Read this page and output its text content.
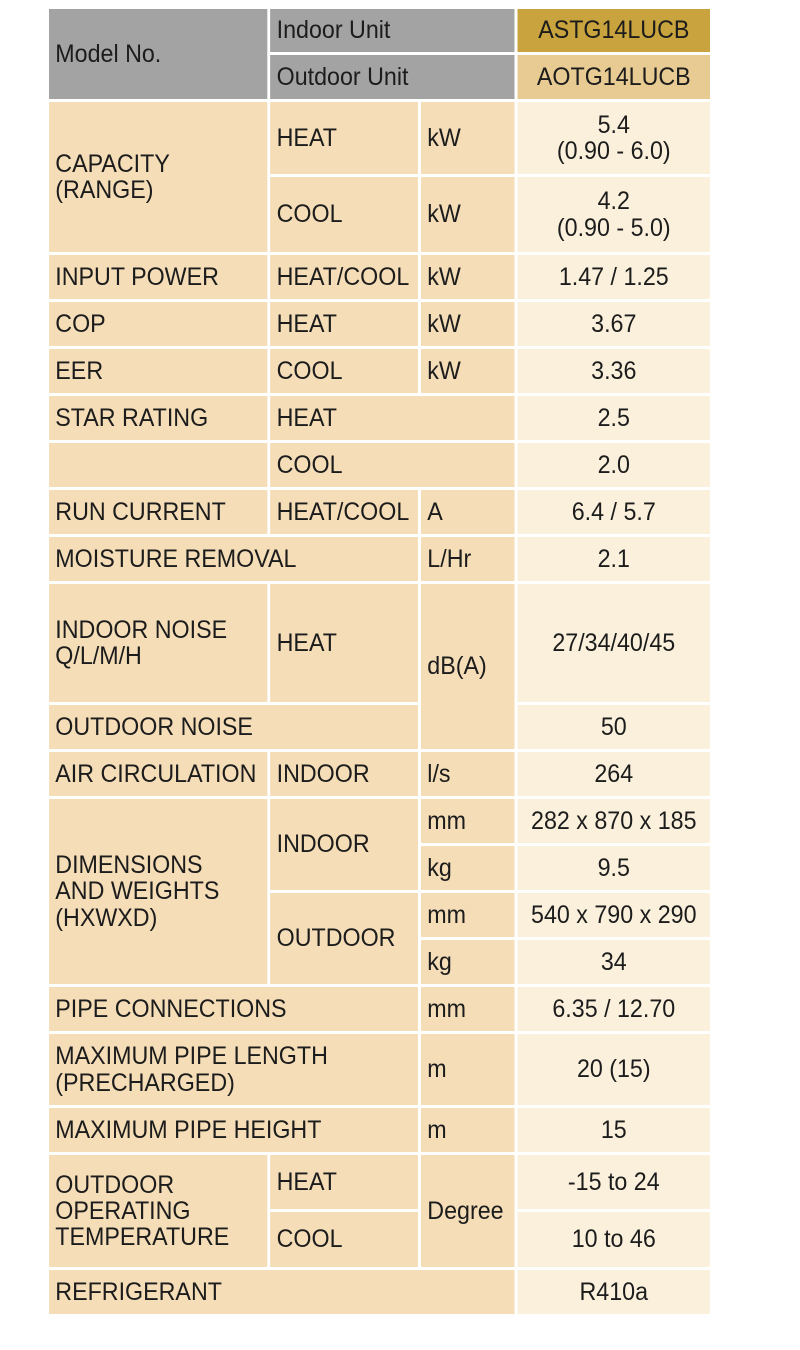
Model No.	Indoor Unit		ASTG14LUCB
	Outdoor Unit		AOTG14LUCB
CAPACITY (RANGE)	HEAT	kW	5.4
(0.90 - 6.0)

	COOL	kW	4.2
(0.90 - 5.0)

INPUT POWER	HEAT/COOL	kW	1.47 / 1.25
COP	HEAT	kW	3.67
EER	COOL	kW	3.36
STAR RATING	HEAT		2.5
	COOL		2.0
RUN CURRENT	HEAT/COOL	A	6.4 / 5.7
MOISTURE REMOVAL		L/Hr	2.1

INDOOR NOISE
Q/L/M/H	HEAT	dB(A)	27/34/40/45
OUTDOOR NOISE			50
AIR CIRCULATION	INDOOR	l/s	264

DIMENSIONS
AND WEIGHTS
(HXWXD)	INDOOR	mm	282 x 870 x 185
		kg	9.5
	OUTDOOR	mm	540 x 790 x 290
		kg	34
PIPE CONNECTIONS		mm	6.35 / 12.70

MAXIMUM PIPE LENGTH
(PRECHARGED)		m	20 (15)
MAXIMUM PIPE HEIGHT		m	15

OUTDOOR
OPERATING
TEMPERATURE	HEAT	Degree	-15 to 24
	COOL		10 to 46
REFRIGERANT			R410a
